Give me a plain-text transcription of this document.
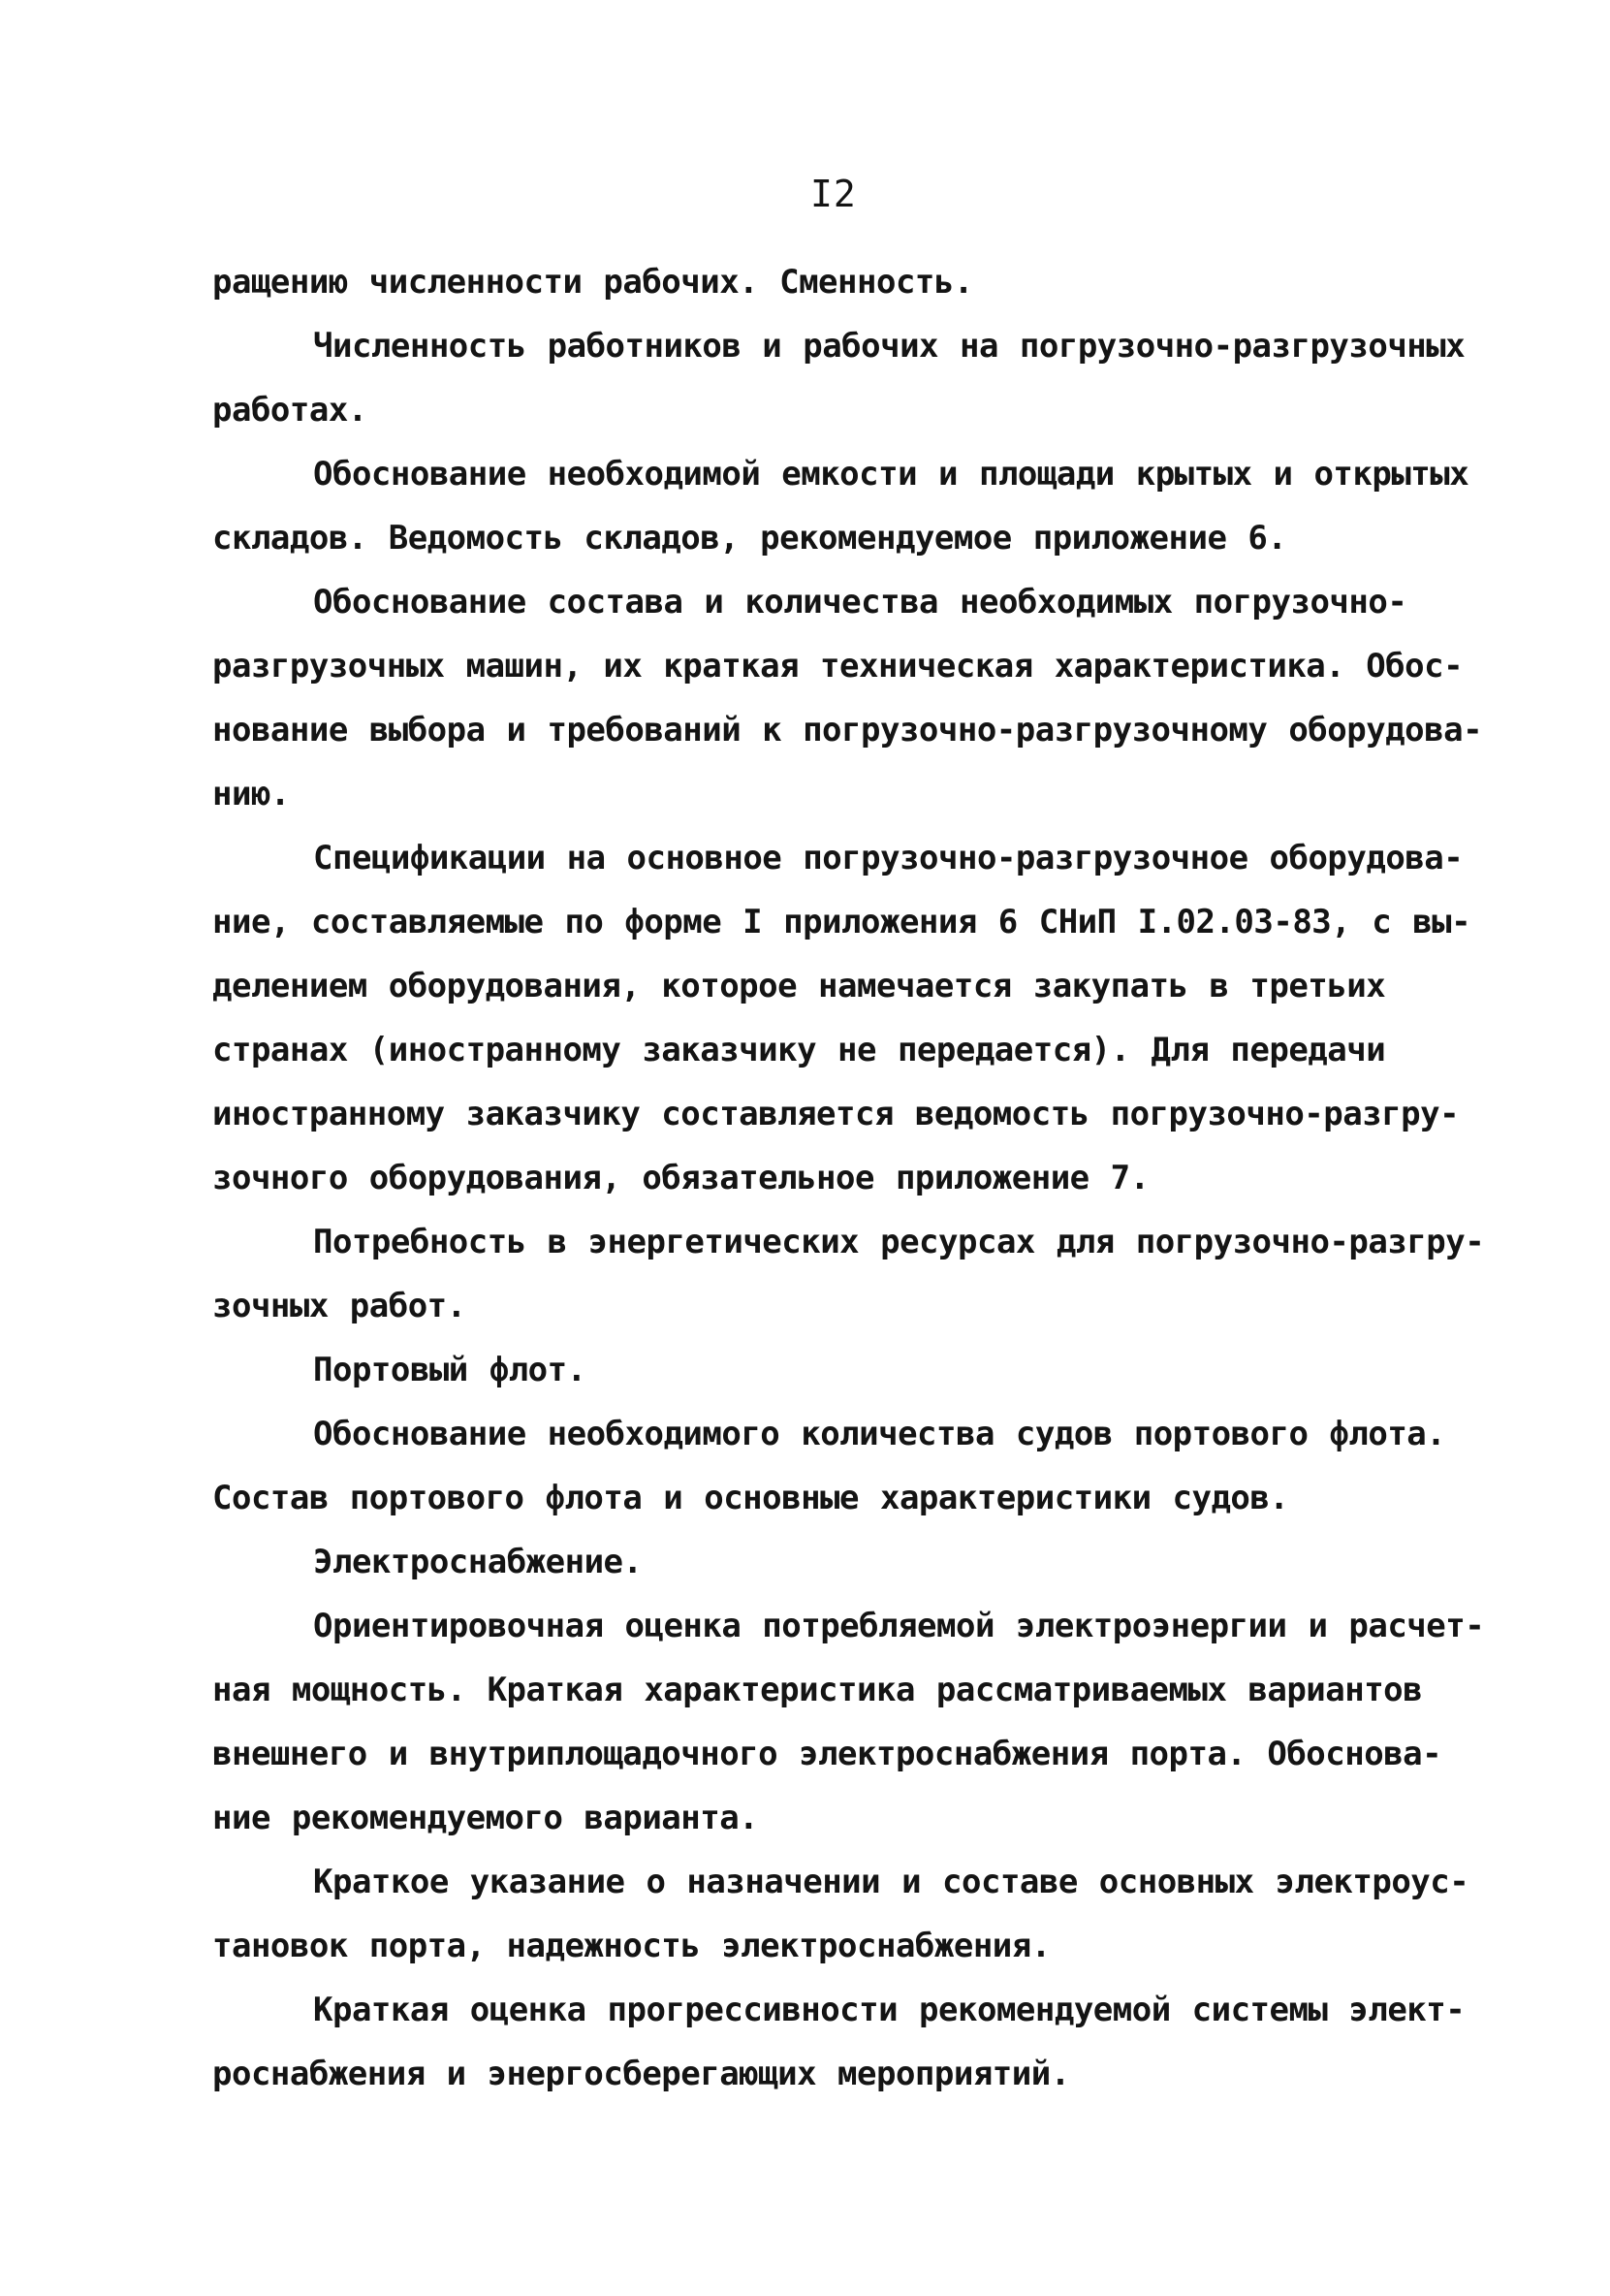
I2
ращению численности рабочих. Сменность.
Численность работников и рабочих на погрузочно-разгрузочных
работах.
Обоснование необходимой емкости и площади крытых и открытых
складов. Ведомость складов, рекомендуемое приложение 6.
Обоснование состава и количества необходимых погрузочно-
разгрузочных машин, их краткая техническая характеристика. Обос-
нование выбора и требований к погрузочно-разгрузочному оборудова-
нию.
Спецификации на основное погрузочно-разгрузочное оборудова-
ние, составляемые по форме I приложения 6 СНиП I.02.03-83, с вы-
делением оборудования, которое намечается закупать в третьих
странах (иностранному заказчику не передается). Для передачи
иностранному заказчику составляется ведомость погрузочно-разгру-
зочного оборудования, обязательное приложение 7.
Потребность в энергетических ресурсах для погрузочно-разгру-
зочных работ.
Портовый флот.
Обоснование необходимого количества судов портового флота.
Состав портового флота и основные характеристики судов.
Электроснабжение.
Ориентировочная оценка потребляемой электроэнергии и расчет-
ная мощность. Краткая характеристика рассматриваемых вариантов
внешнего и внутриплощадочного электроснабжения порта. Обоснова-
ние рекомендуемого варианта.
Краткое указание о назначении и составе основных электроус-
тановок порта, надежность электроснабжения.
Краткая оценка прогрессивности рекомендуемой системы элект-
роснабжения и энергосберегающих мероприятий.
